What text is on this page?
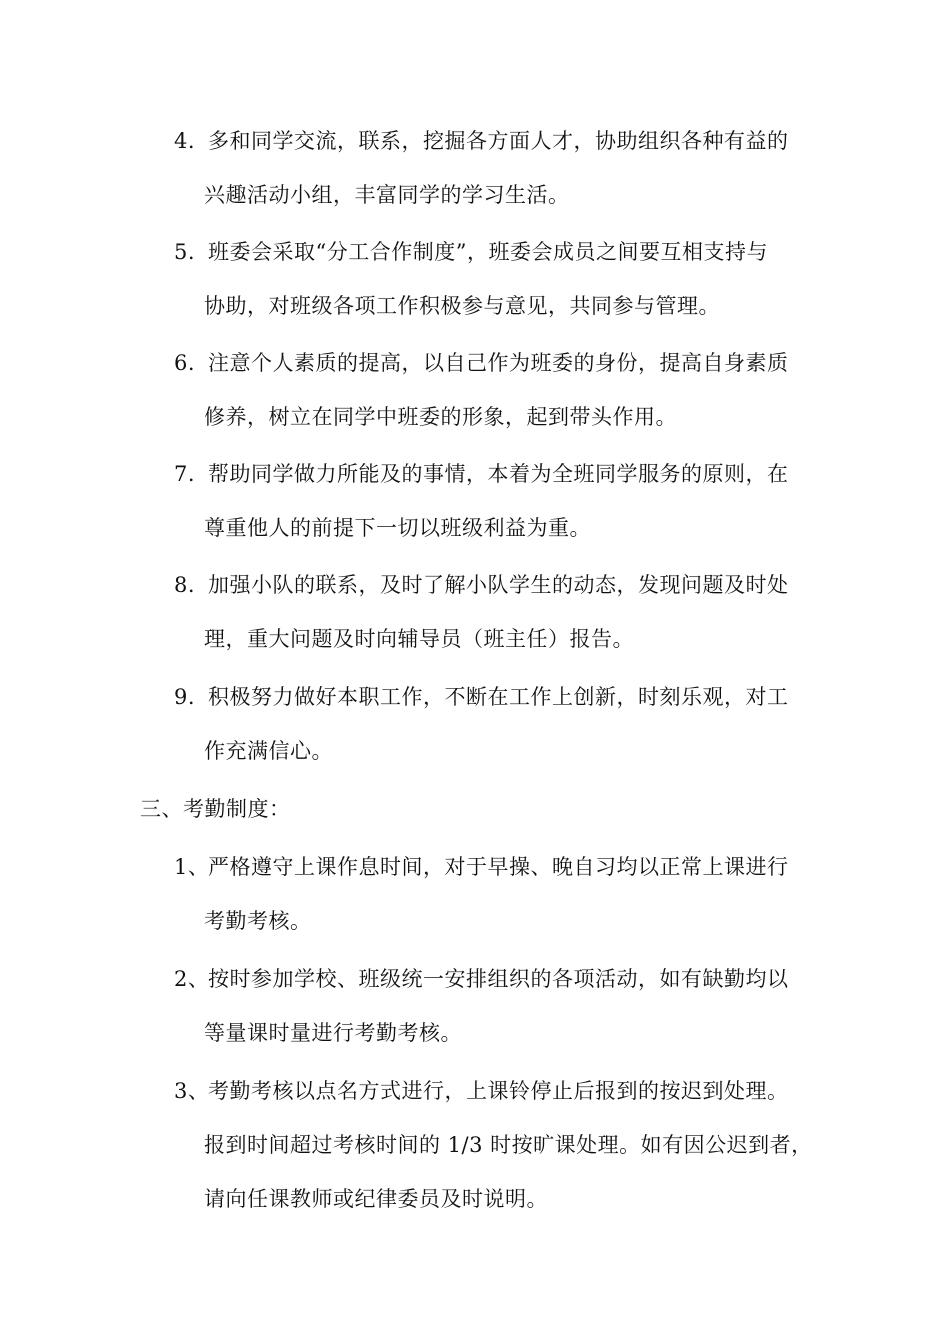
4. 多和同学交流，联系，挖掘各方面人才，协助组织各种有益的
兴趣活动小组，丰富同学的学习生活。
5. 班委会采取“分工合作制度”，班委会成员之间要互相支持与
协助，对班级各项工作积极参与意见，共同参与管理。
6. 注意个人素质的提高，以自己作为班委的身份，提高自身素质
修养，树立在同学中班委的形象，起到带头作用。
7. 帮助同学做力所能及的事情，本着为全班同学服务的原则，在
尊重他人的前提下一切以班级利益为重。
8. 加强小队的联系，及时了解小队学生的动态，发现问题及时处
理，重大问题及时向辅导员（班主任）报告。
9. 积极努力做好本职工作，不断在工作上创新，时刻乐观，对工
作充满信心。
三、考勤制度：
1、严格遵守上课作息时间，对于早操、晚自习均以正常上课进行
考勤考核。
2、按时参加学校、班级统一安排组织的各项活动，如有缺勤均以
等量课时量进行考勤考核。
3、考勤考核以点名方式进行，上课铃停止后报到的按迟到处理。
报到时间超过考核时间的 1/3 时按旷课处理。如有因公迟到者，
请向任课教师或纪律委员及时说明。
